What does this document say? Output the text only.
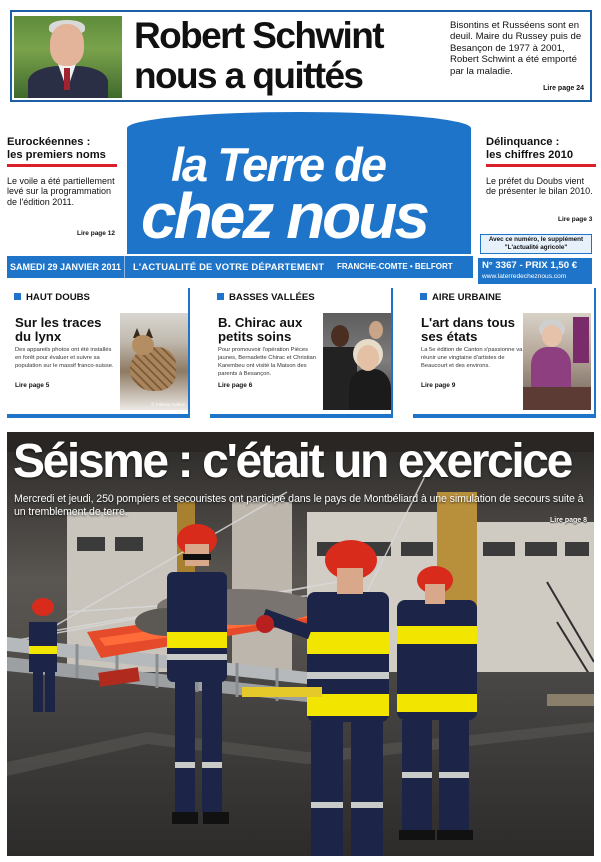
Robert Schwint nous a quittés
Bisontins et Russéens sont en deuil. Maire du Russey puis de Besançon de 1977 à 2001, Robert Schwint a été emporté par la maladie.
Lire page 24
Eurockéennes :
les premiers noms
Le voile a été partiellement levé sur la programmation de l'édition 2011.
Lire page 12
Délinquance :
les chiffres 2010
Le préfet du Doubs vient de présenter le bilan 2010.
Lire page 3
la Terre de
chez nous
SAMEDI 29 JANVIER 2011	L'ACTUALITÉ DE VOTRE DÉPARTEMENT FRANCHE-COMTE • BELFORT
Avec ce numéro, le supplément
"L'actualité agricole"
N° 3367 - PRIX 1,50 €
www.laterredecheznous.com
HAUT DOUBS
Sur les traces du lynx
Des appareils photos ont été installés en forêt pour évaluer et suivre sa population sur le massif franco-suisse.
Lire page 5
© Fabrice Cahez
BASSES VALLÉES
B. Chirac aux petits soins
Pour promouvoir l'opération Pièces jaunes, Bernadette Chirac et Christian Karembeu ont visité la Maison des parents à Besançon.
Lire page 6
AIRE URBAINE
L'art dans tous ses états
La 5e édition de Canton s'passionne va réunir une vingtaine d'artistes de Beaucourt et des environs.
Lire page 9
Séisme : c'était un exercice
Mercredi et jeudi, 250 pompiers et secouristes ont participé dans le pays de Montbéliard à une simulation de secours suite à un tremblement de terre.
Lire page 8
